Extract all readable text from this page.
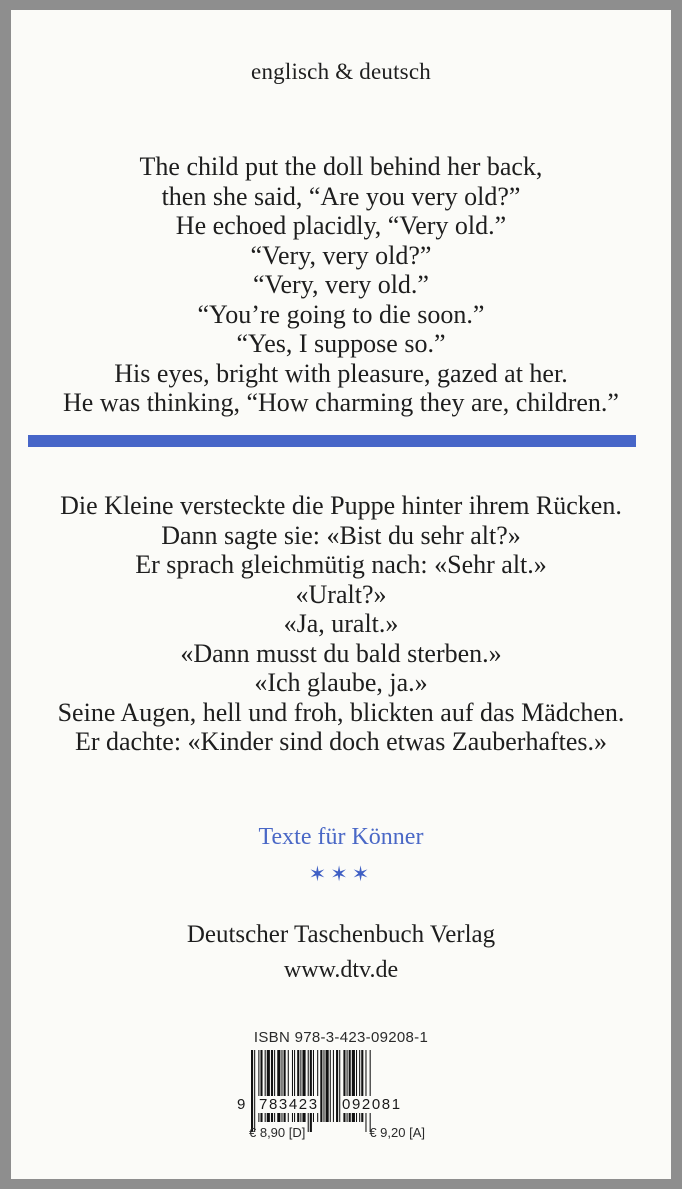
englisch & deutsch
The child put the doll behind her back,
then she said, “Are you very old?”
He echoed placidly, “Very old.”
“Very, very old?”
“Very, very old.”
“You’re going to die soon.”
“Yes, I suppose so.”
His eyes, bright with pleasure, gazed at her.
He was thinking, “How charming they are, children.”
Die Kleine versteckte die Puppe hinter ihrem Rücken.
Dann sagte sie: «Bist du sehr alt?»
Er sprach gleichmütig nach: «Sehr alt.»
«Uralt?»
«Ja, uralt.»
«Dann musst du bald sterben.»
«Ich glaube, ja.»
Seine Augen, hell und froh, blickten auf das Mädchen.
Er dachte: «Kinder sind doch etwas Zauberhaftes.»
Texte für Könner
✶✶✶
Deutscher Taschenbuch Verlag
www.dtv.de
ISBN 978-3-423-09208-1
9 783423 092081
€ 8,90 [D]	€ 9,20 [A]
